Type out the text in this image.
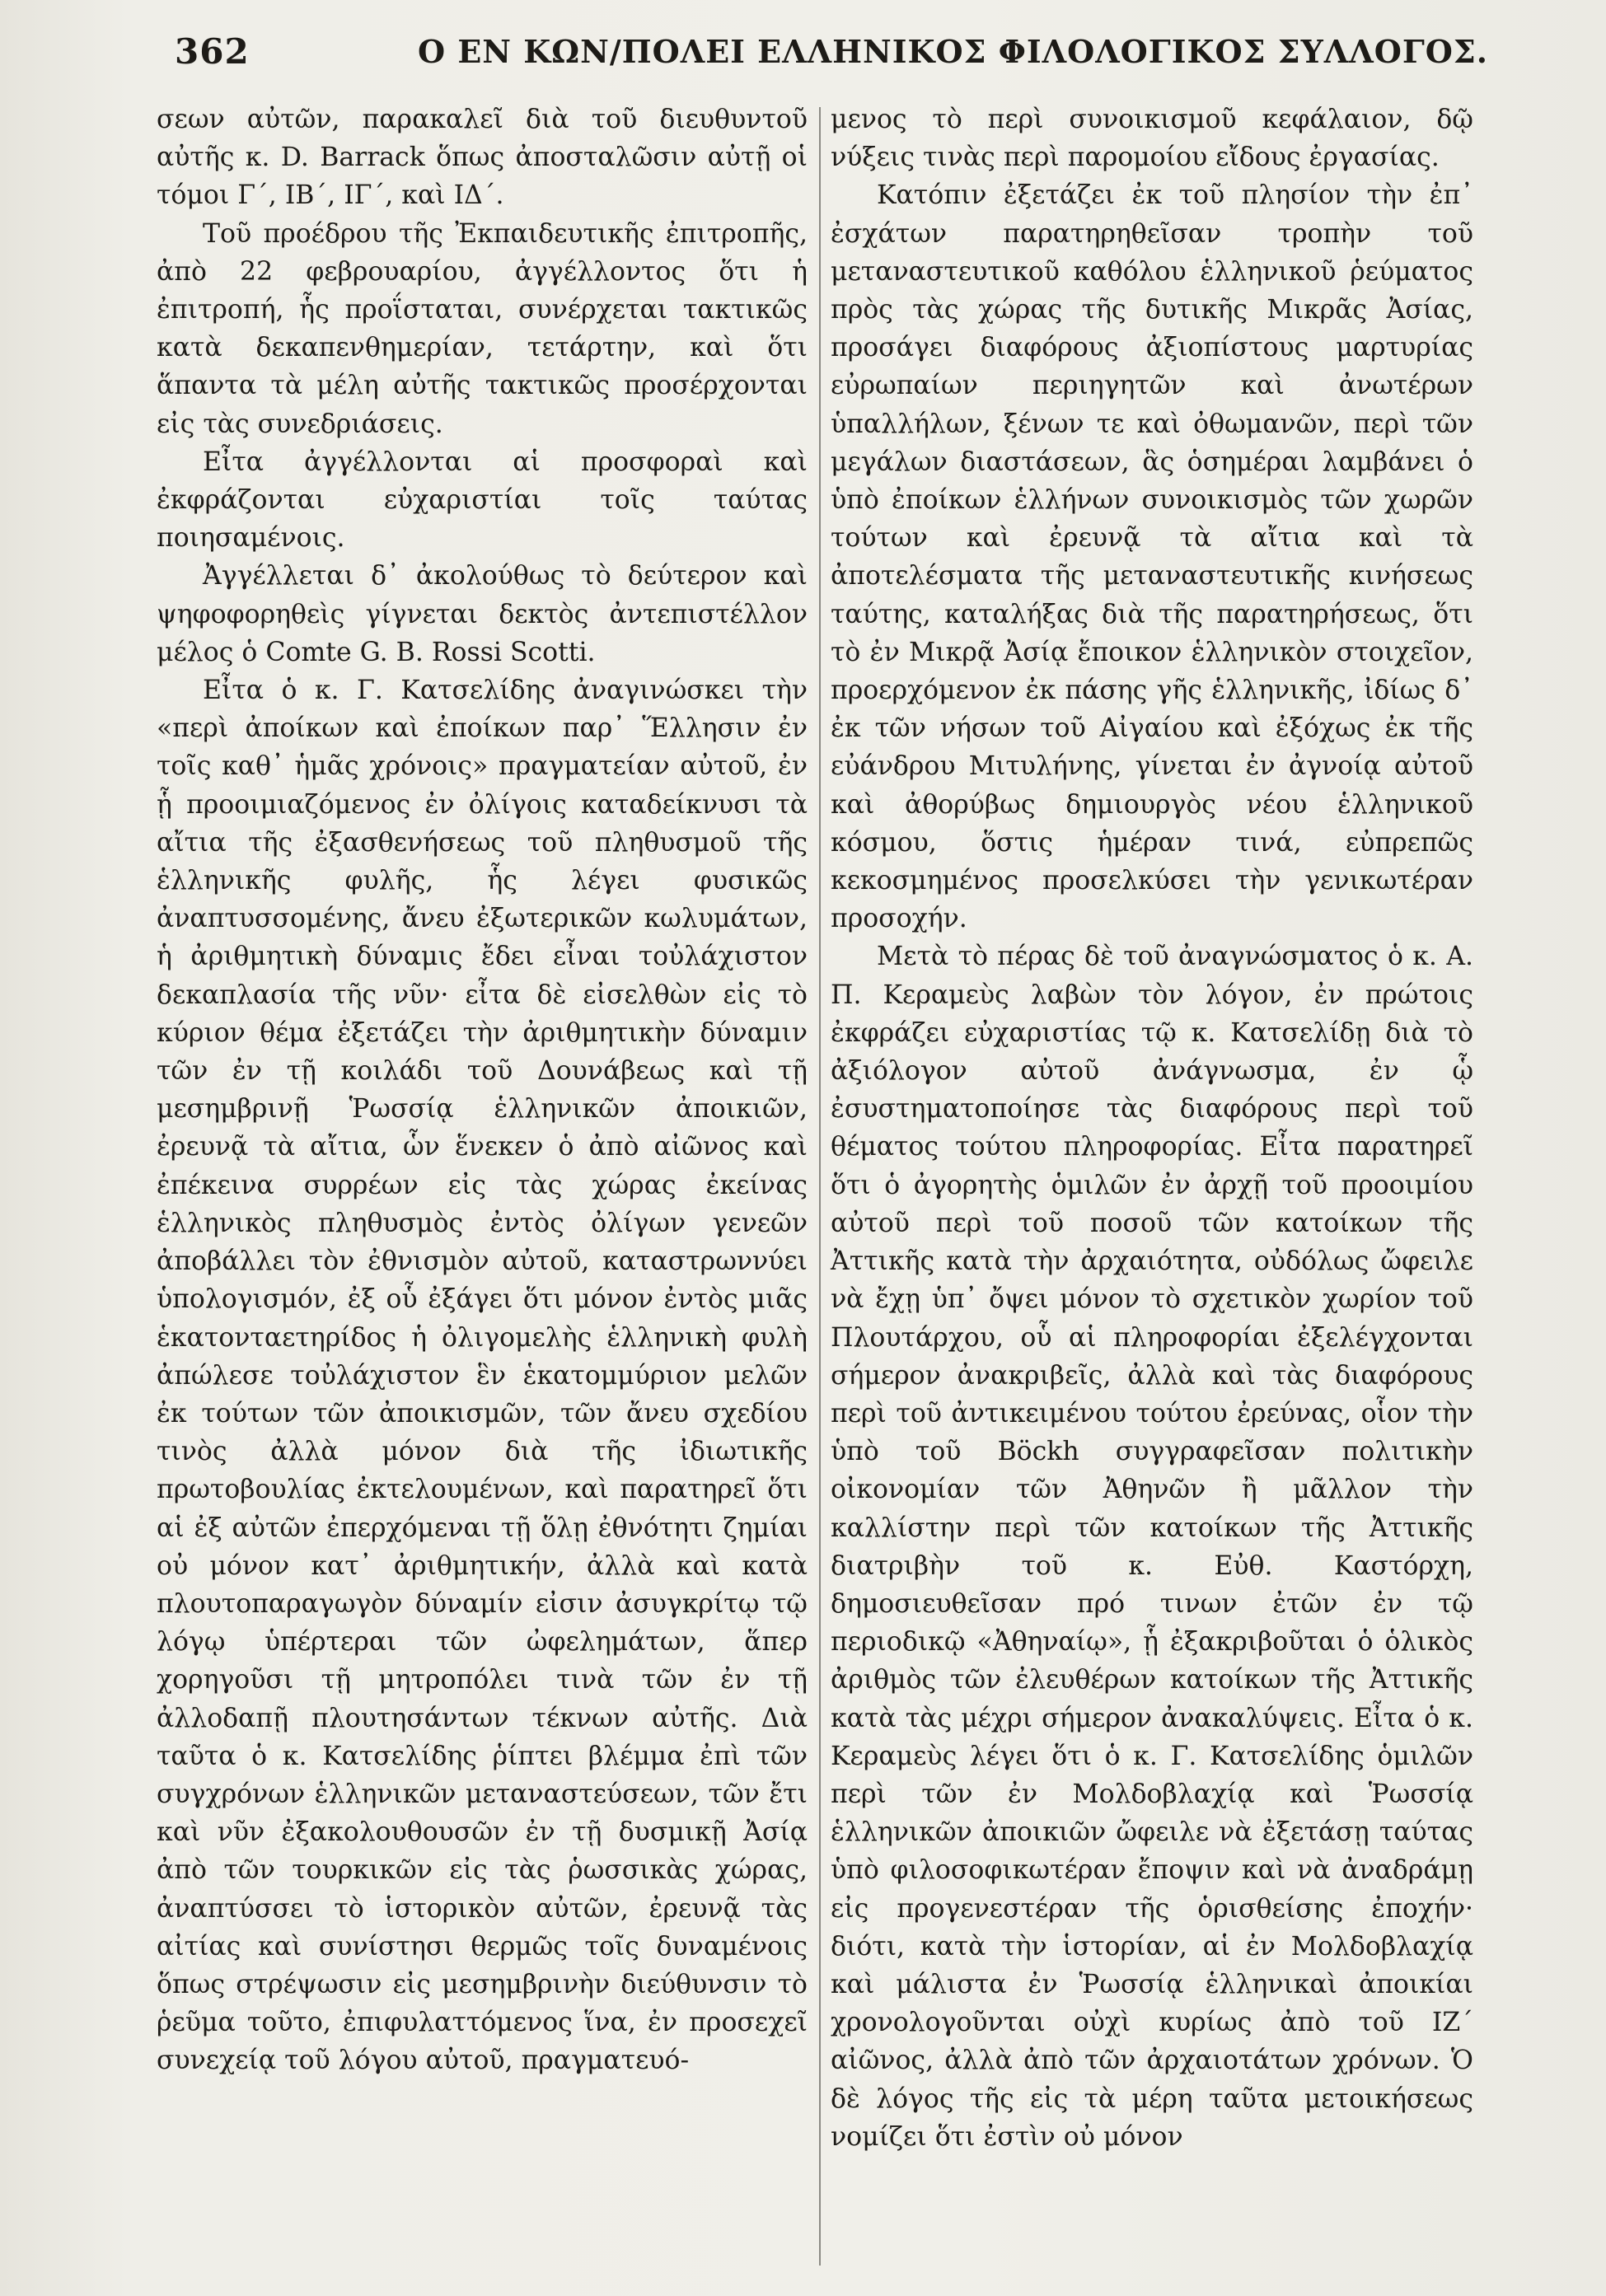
362	Ο ΕΝ ΚΩΝ/ΠΟΛΕΙ ΕΛΛΗΝΙΚΟΣ ΦΙΛΟΛΟΓΙΚΟΣ ΣΥΛΛΟΓΟΣ.

σεων αὐτῶν, παρακαλεῖ διὰ τοῦ διευθυντοῦ αὐτῆς κ. D. Barrack ὅπως ἀποσταλῶσιν αὐτῇ οἱ τόμοι Γ΄, ΙΒ΄, ΙΓ΄, καὶ ΙΔ΄.

Τοῦ προέδρου τῆς Ἐκπαιδευτικῆς ἐπιτροπῆς, ἀπὸ 22 φεβρουαρίου, ἀγγέλλοντος ὅτι ἡ ἐπιτροπή, ἧς προΐσταται, συνέρχεται τακτικῶς κατὰ δεκαπενθημερίαν, τετάρτην, καὶ ὅτι ἅπαντα τὰ μέλη αὐτῆς τακτικῶς προσέρχονται εἰς τὰς συνεδριάσεις.

Εἶτα ἀγγέλλονται αἱ προσφοραὶ καὶ ἐκφράζονται εὐχαριστίαι τοῖς ταύτας ποιησαμένοις.

Ἀγγέλλεται δ᾽ ἀκολούθως τὸ δεύτερον καὶ ψηφοφορηθεὶς γίγνεται δεκτὸς ἀντεπιστέλλον μέλος ὁ Comte G. B. Rossi Scotti.

Εἶτα ὁ κ. Γ. Κατσελίδης ἀναγινώσκει τὴν «περὶ ἀποίκων καὶ ἐποίκων παρ᾽ Ἕλλησιν ἐν τοῖς καθ᾽ ἡμᾶς χρόνοις» πραγματείαν αὐτοῦ, ἐν ᾗ προοιμιαζόμενος ἐν ὀλίγοις καταδείκνυσι τὰ αἴτια τῆς ἐξασθενήσεως τοῦ πληθυσμοῦ τῆς ἑλληνικῆς φυλῆς, ἧς λέγει φυσικῶς ἀναπτυσσομένης, ἄνευ ἐξωτερικῶν κωλυμάτων, ἡ ἀριθμητικὴ δύναμις ἔδει εἶναι τοὐλάχιστον δεκαπλασία τῆς νῦν· εἶτα δὲ εἰσελθὼν εἰς τὸ κύριον θέμα ἐξετάζει τὴν ἀριθμητικὴν δύναμιν τῶν ἐν τῇ κοιλάδι τοῦ Δουνάβεως καὶ τῇ μεσημβρινῇ Ῥωσσίᾳ ἑλληνικῶν ἀποικιῶν, ἐρευνᾷ τὰ αἴτια, ὧν ἕνεκεν ὁ ἀπὸ αἰῶνος καὶ ἐπέκεινα συρρέων εἰς τὰς χώρας ἐκείνας ἑλληνικὸς πληθυσμὸς ἐντὸς ὀλίγων γενεῶν ἀποβάλλει τὸν ἐθνισμὸν αὐτοῦ, καταστρωννύει ὑπολογισμόν, ἐξ οὗ ἐξάγει ὅτι μόνον ἐντὸς μιᾶς ἑκατονταετηρίδος ἡ ὀλιγομελὴς ἑλληνικὴ φυλὴ ἀπώλεσε τοὐλάχιστον ἓν ἑκατομμύριον μελῶν ἐκ τούτων τῶν ἀποικισμῶν, τῶν ἄνευ σχεδίου τινὸς ἀλλὰ μόνον διὰ τῆς ἰδιωτικῆς πρωτοβουλίας ἐκτελουμένων, καὶ παρατηρεῖ ὅτι αἱ ἐξ αὐτῶν ἐπερχόμεναι τῇ ὅλῃ ἐθνότητι ζημίαι οὐ μόνον κατ᾽ ἀριθμητικήν, ἀλλὰ καὶ κατὰ πλουτοπαραγωγὸν δύναμίν εἰσιν ἀσυγκρίτῳ τῷ λόγῳ ὑπέρτεραι τῶν ὠφελημάτων, ἅπερ χορηγοῦσι τῇ μητροπόλει τινὰ τῶν ἐν τῇ ἀλλοδαπῇ πλουτησάντων τέκνων αὐτῆς. Διὰ ταῦτα ὁ κ. Κατσελίδης ῥίπτει βλέμμα ἐπὶ τῶν συγχρόνων ἑλληνικῶν μεταναστεύσεων, τῶν ἔτι καὶ νῦν ἐξακολουθουσῶν ἐν τῇ δυσμικῇ Ἀσίᾳ ἀπὸ τῶν τουρκικῶν εἰς τὰς ῥωσσικὰς χώρας, ἀναπτύσσει τὸ ἱστορικὸν αὐτῶν, ἐρευνᾷ τὰς αἰτίας καὶ συνίστησι θερμῶς τοῖς δυναμένοις ὅπως στρέψωσιν εἰς μεσημβρινὴν διεύθυνσιν τὸ ῥεῦμα τοῦτο, ἐπιφυλαττόμενος ἵνα, ἐν προσεχεῖ συνεχείᾳ τοῦ λόγου αὐτοῦ, πραγματευό-

μενος τὸ περὶ συνοικισμοῦ κεφάλαιον, δῷ νύξεις τινὰς περὶ παρομοίου εἴδους ἐργασίας.

Κατόπιν ἐξετάζει ἐκ τοῦ πλησίον τὴν ἐπ᾽ ἐσχάτων παρατηρηθεῖσαν τροπὴν τοῦ μεταναστευτικοῦ καθόλου ἑλληνικοῦ ῥεύματος πρὸς τὰς χώρας τῆς δυτικῆς Μικρᾶς Ἀσίας, προσάγει διαφόρους ἀξιοπίστους μαρτυρίας εὐρωπαίων περιηγητῶν καὶ ἀνωτέρων ὑπαλλήλων, ξένων τε καὶ ὀθωμανῶν, περὶ τῶν μεγάλων διαστάσεων, ἃς ὁσημέραι λαμβάνει ὁ ὑπὸ ἐποίκων ἑλλήνων συνοικισμὸς τῶν χωρῶν τούτων καὶ ἐρευνᾷ τὰ αἴτια καὶ τὰ ἀποτελέσματα τῆς μεταναστευτικῆς κινήσεως ταύτης, καταλήξας διὰ τῆς παρατηρήσεως, ὅτι τὸ ἐν Μικρᾷ Ἀσίᾳ ἔποικον ἑλληνικὸν στοιχεῖον, προερχόμενον ἐκ πάσης γῆς ἑλληνικῆς, ἰδίως δ᾽ ἐκ τῶν νήσων τοῦ Αἰγαίου καὶ ἐξόχως ἐκ τῆς εὐάνδρου Μιτυλήνης, γίνεται ἐν ἀγνοίᾳ αὐτοῦ καὶ ἀθορύβως δημιουργὸς νέου ἑλληνικοῦ κόσμου, ὅστις ἡμέραν τινά, εὐπρεπῶς κεκοσμημένος προσελκύσει τὴν γενικωτέραν προσοχήν.

Μετὰ τὸ πέρας δὲ τοῦ ἀναγνώσματος ὁ κ. Α. Π. Κεραμεὺς λαβὼν τὸν λόγον, ἐν πρώτοις ἐκφράζει εὐχαριστίας τῷ κ. Κατσελίδῃ διὰ τὸ ἀξιόλογον αὐτοῦ ἀνάγνωσμα, ἐν ᾧ ἐσυστηματοποίησε τὰς διαφόρους περὶ τοῦ θέματος τούτου πληροφορίας. Εἶτα παρατηρεῖ ὅτι ὁ ἀγορητὴς ὁμιλῶν ἐν ἀρχῇ τοῦ προοιμίου αὐτοῦ περὶ τοῦ ποσοῦ τῶν κατοίκων τῆς Ἀττικῆς κατὰ τὴν ἀρχαιότητα, οὐδόλως ὤφειλε νὰ ἔχῃ ὑπ᾽ ὄψει μόνον τὸ σχετικὸν χωρίον τοῦ Πλουτάρχου, οὗ αἱ πληροφορίαι ἐξελέγχονται σήμερον ἀνακριβεῖς, ἀλλὰ καὶ τὰς διαφόρους περὶ τοῦ ἀντικειμένου τούτου ἐρεύνας, οἷον τὴν ὑπὸ τοῦ Böckh συγγραφεῖσαν πολιτικὴν οἰκονομίαν τῶν Ἀθηνῶν ἢ μᾶλλον τὴν καλλίστην περὶ τῶν κατοίκων τῆς Ἀττικῆς διατριβὴν τοῦ κ. Εὐθ. Καστόρχη, δημοσιευθεῖσαν πρό τινων ἐτῶν ἐν τῷ περιοδικῷ «Ἀθηναίῳ», ᾗ ἐξακριβοῦται ὁ ὁλικὸς ἀριθμὸς τῶν ἐλευθέρων κατοίκων τῆς Ἀττικῆς κατὰ τὰς μέχρι σήμερον ἀνακαλύψεις. Εἶτα ὁ κ. Κεραμεὺς λέγει ὅτι ὁ κ. Γ. Κατσελίδης ὁμιλῶν περὶ τῶν ἐν Μολδοβλαχίᾳ καὶ Ῥωσσίᾳ ἑλληνικῶν ἀποικιῶν ὤφειλε νὰ ἐξετάσῃ ταύτας ὑπὸ φιλοσοφικωτέραν ἔποψιν καὶ νὰ ἀναδράμῃ εἰς προγενεστέραν τῆς ὁρισθείσης ἐποχήν· διότι, κατὰ τὴν ἱστορίαν, αἱ ἐν Μολδοβλαχίᾳ καὶ μάλιστα ἐν Ῥωσσίᾳ ἑλληνικαὶ ἀποικίαι χρονολογοῦνται οὐχὶ κυρίως ἀπὸ τοῦ ΙΖ΄ αἰῶνος, ἀλλὰ ἀπὸ τῶν ἀρχαιοτάτων χρόνων. Ὁ δὲ λόγος τῆς εἰς τὰ μέρη ταῦτα μετοικήσεως νομίζει ὅτι ἐστὶν οὐ μόνον
